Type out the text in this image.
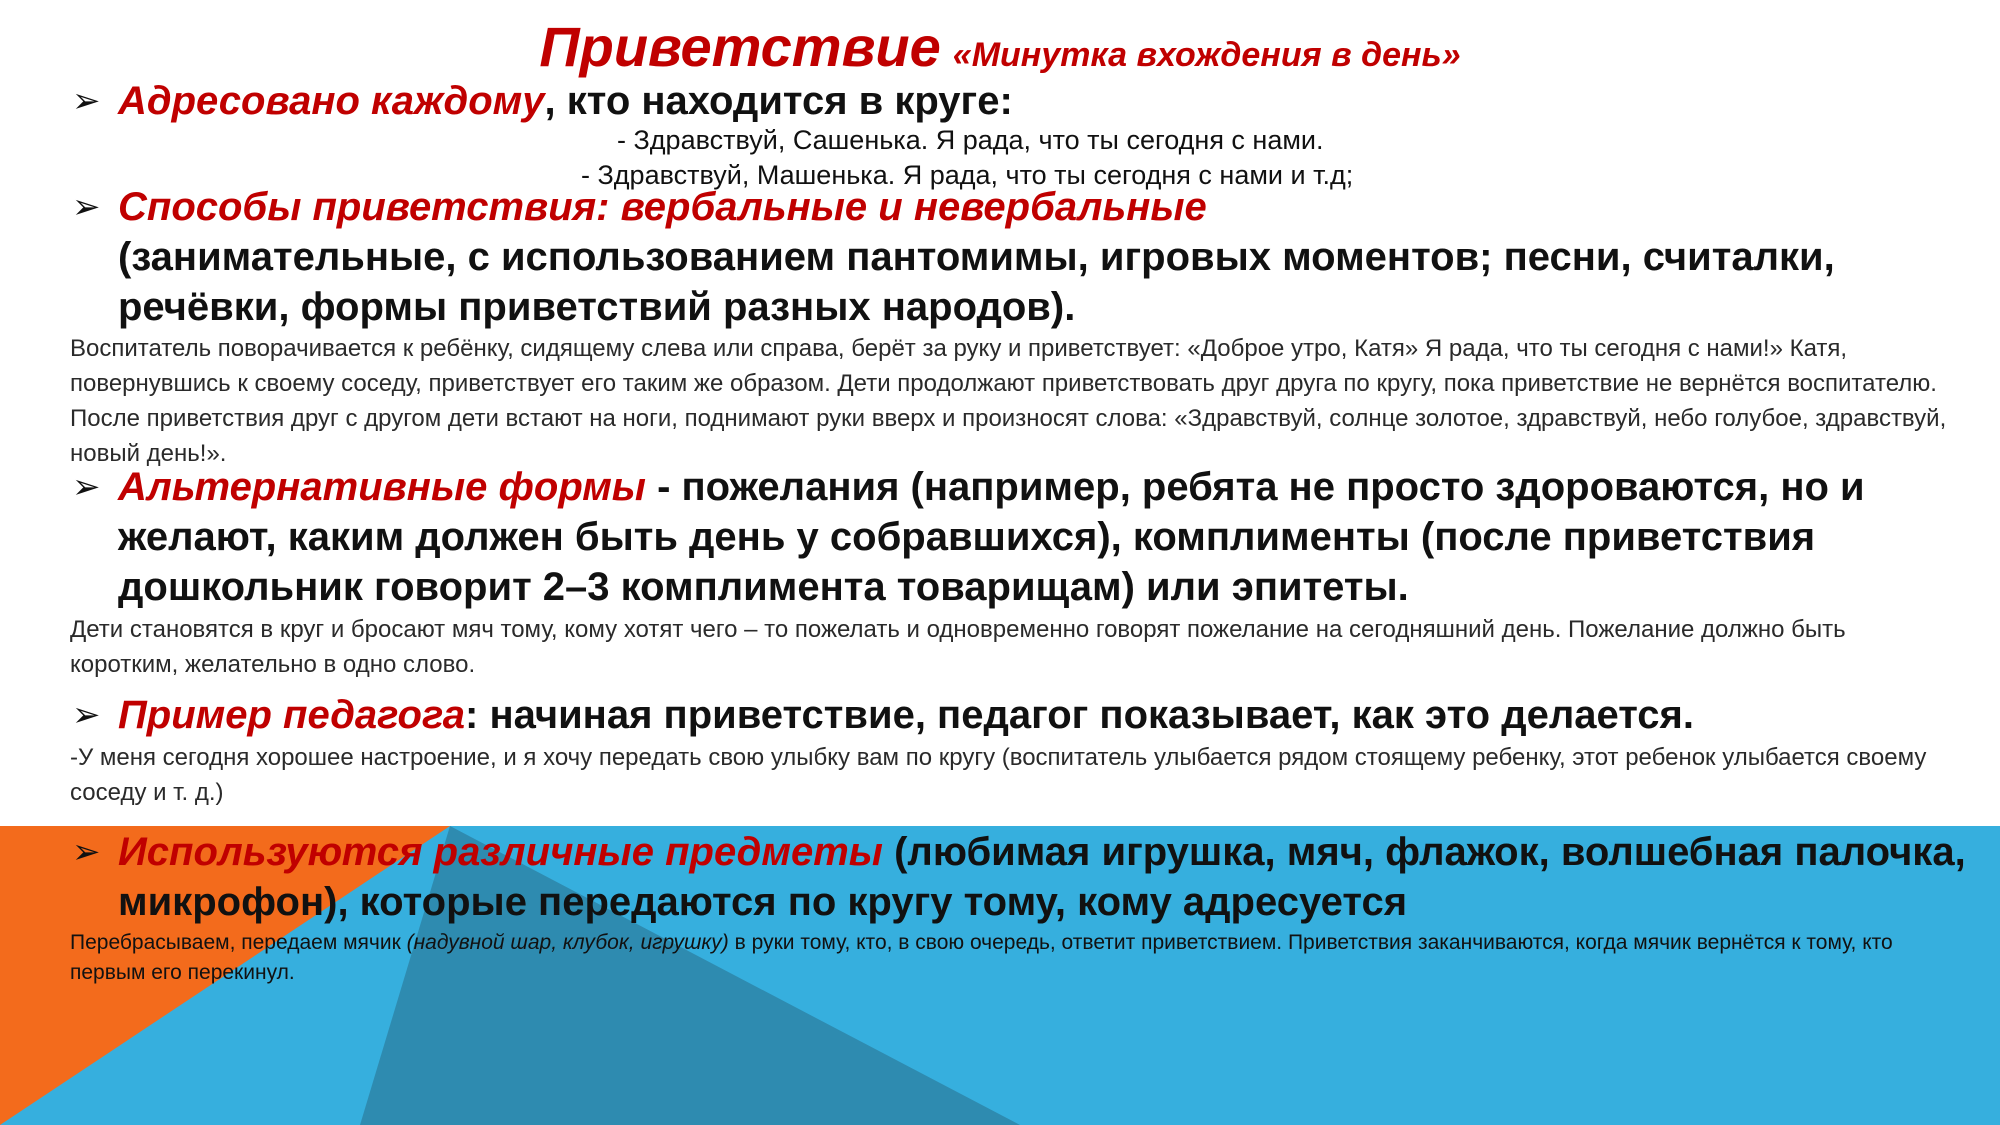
Приветствие «Минутка вхождения в день»
➢ Адресовано каждому, кто находится в круге:
- Здравствуй, Сашенька. Я рада, что ты сегодня с нами.
- Здравствуй, Машенька. Я рада, что ты сегодня с нами и т.д;
➢ Способы приветствия: вербальные и невербальные
(занимательные, с использованием пантомимы, игровых моментов; песни, считалки, речёвки, формы приветствий разных народов).
Воспитатель поворачивается к ребёнку, сидящему слева или справа, берёт за руку и приветствует: «Доброе утро, Катя» Я рада, что ты сегодня с нами!» Катя, повернувшись к своему соседу, приветствует его таким же образом. Дети продолжают приветствовать друг друга по кругу, пока приветствие не вернётся воспитателю. После приветствия друг с другом дети встают на ноги, поднимают руки вверх и произносят слова: «Здравствуй, солнце золотое, здравствуй, небо голубое, здравствуй, новый день!».
➢ Альтернативные формы - пожелания (например, ребята не просто здороваются, но и желают, каким должен быть день у собравшихся), комплименты (после приветствия дошкольник говорит 2–3 комплимента товарищам) или эпитеты.
Дети становятся в круг и бросают мяч тому, кому хотят чего – то пожелать и одновременно говорят пожелание на сегодняшний день. Пожелание должно быть коротким, желательно в одно слово.
➢ Пример педагога: начиная приветствие, педагог показывает, как это делается.
-У меня сегодня хорошее настроение, и я хочу передать свою улыбку вам по кругу (воспитатель улыбается рядом стоящему ребенку, этот ребенок улыбается своему соседу и т. д.)
➢ Используются различные предметы (любимая игрушка, мяч, флажок, волшебная палочка, микрофон), которые передаются по кругу тому, кому адресуется
Перебрасываем, передаем мячик (надувной шар, клубок, игрушку) в руки тому, кто, в свою очередь, ответит приветствием. Приветствия заканчиваются, когда мячик вернётся к тому, кто первым его перекинул.
